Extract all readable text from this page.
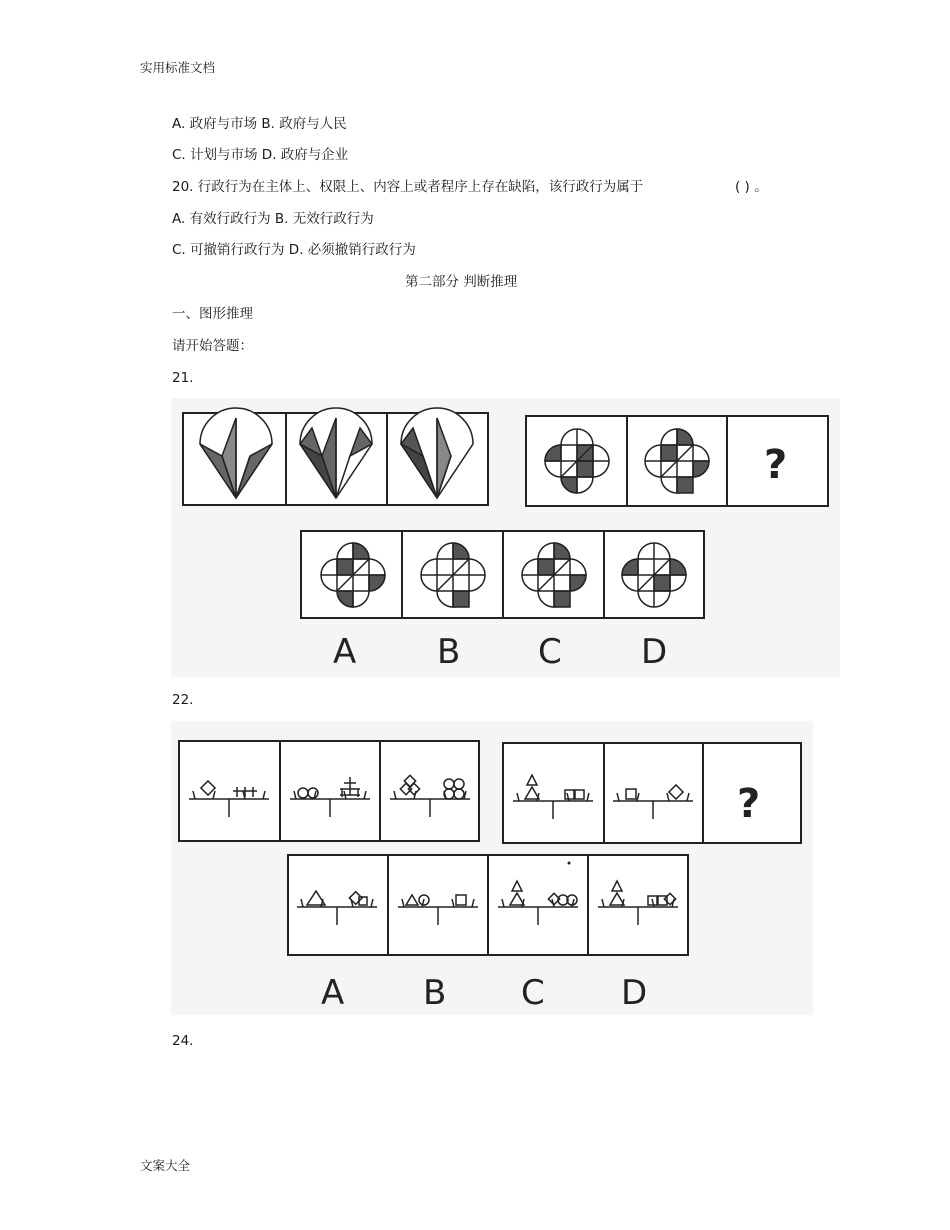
实用标准文档
A. 政府与市场 B. 政府与人民
C. 计划与市场 D. 政府与企业
20. 行政行为在主体上、权限上、内容上或者程序上存在缺陷，该行政行为属于	( ) 。
A. 有效行政行为 B. 无效行政行为
C. 可撤销行政行为 D. 必须撤销行政行为
第二部分 判断推理
一、图形推理
请开始答题：
21.
?
A B C D
22.
?
A B C D
24.
文案大全
